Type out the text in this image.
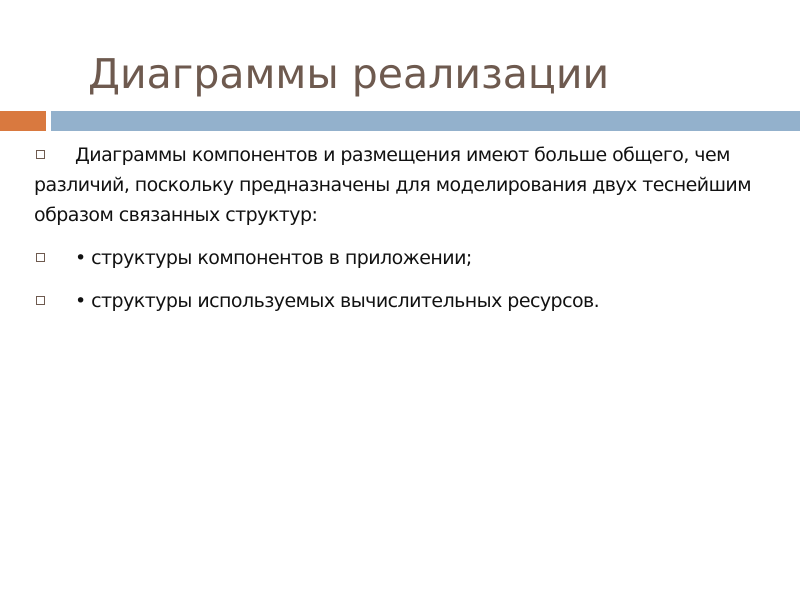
Диаграммы реализации
Диаграммы компонентов и размещения имеют больше общего, чем различий, поскольку предназначены для моделирования двух теснейшим образом связанных структур:
• структуры компонентов в приложении;
• структуры используемых вычислительных ресурсов.
